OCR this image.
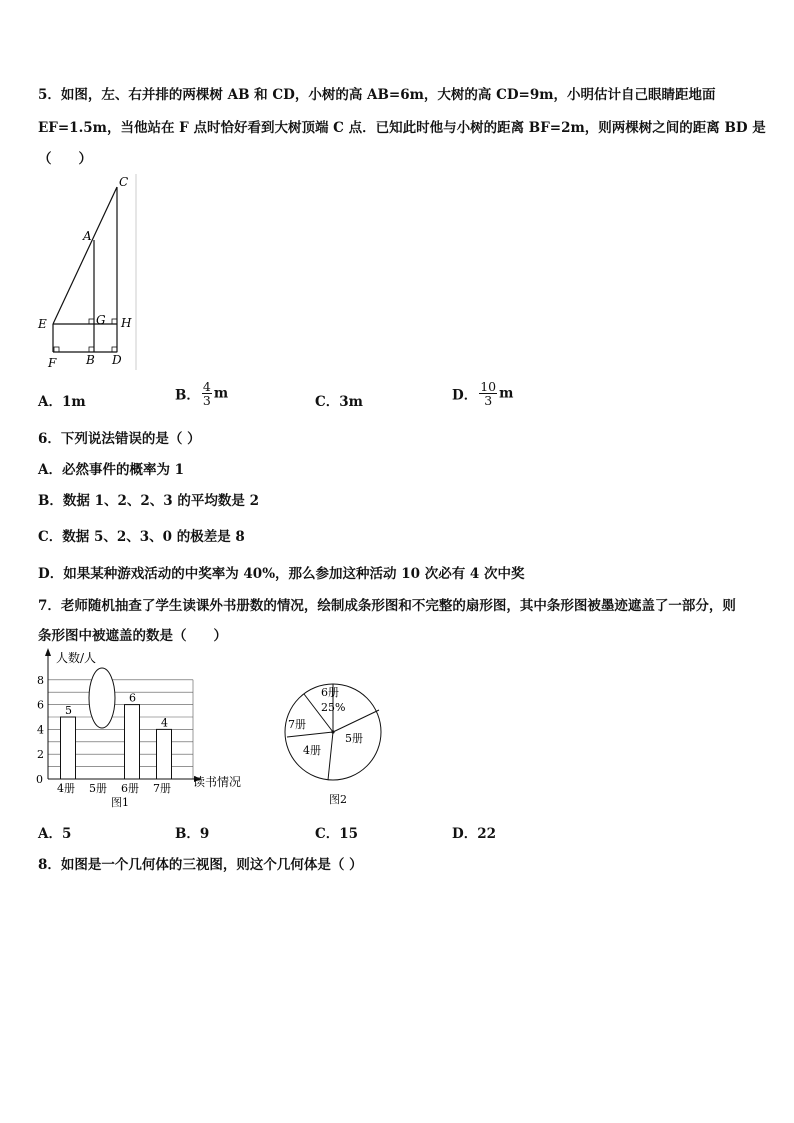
5．如图，左、右并排的两棵树 AB 和 CD，小树的高 AB=6m，大树的高 CD=9m，小明估计自己眼睛距地面
EF=1.5m，当他站在 F 点时恰好看到大树顶端 C 点．已知此时他与小树的距离 BF=2m，则两棵树之间的距离 BD 是
（　　）
C
A
E	G H
F B D
A．1m	B． $\frac{4}{3}$ m
C．3m	D． $\frac{10}{3}$ m
6．下列说法错误的是（ ）
A．必然事件的概率为 1
B．数据 1、2、2、3 的平均数是 2
C．数据 5、2、3、0 的极差是 8
D．如果某种游戏活动的中奖率为 40%，那么参加这种活动 10 次必有 4 次中奖
7．老师随机抽查了学生读课外书册数的情况，绘制成条形图和不完整的扇形图，其中条形图被墨迹遮盖了一部分，则
条形图中被遮盖的数是（　　）
2
4
6
8
5
6
4
4册 5册 6册 7册
人数/人
0	读书情况
图1
6册
25%
5册
4册
7册
图2
A．5	B．9	C．15	D．22
8．如图是一个几何体的三视图，则这个几何体是（ ）
